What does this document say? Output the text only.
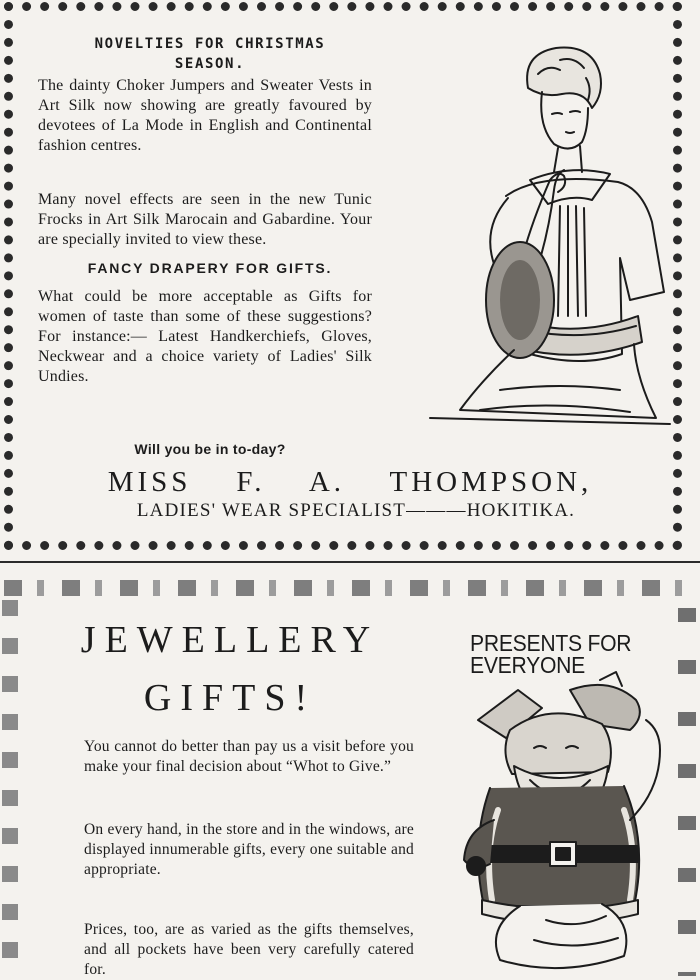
NOVELTIES FOR CHRISTMAS
SEASON.
The dainty Choker Jumpers and Sweater Vests in Art Silk now showing are greatly favoured by devotees of La Mode in English and Continental fashion centres.
Many novel effects are seen in the new Tunic Frocks in Art Silk Marocain and Gabardine. Your are specially invited to view these.
FANCY DRAPERY FOR GIFTS.
What could be more acceptable as Gifts for women of taste than some of these suggestions? For instance:— Latest Handkerchiefs, Gloves, Neckwear and a choice variety of Ladies' Silk Undies.
Will you be in to-day?
MISS    F.    A.    THOMPSON,
LADIES' WEAR SPECIALIST———HOKITIKA.
JEWELLERY
GIFTS!
You cannot do better than pay us a visit before you make your final decision about “Whot to Give.”
On every hand, in the store and in the windows, are displayed innumerable gifts, every one suitable and appropriate.
Prices, too, are as varied as the gifts themselves, and all pockets have been very carefully catered for.
PRESENTS FOR
EVERYONE
